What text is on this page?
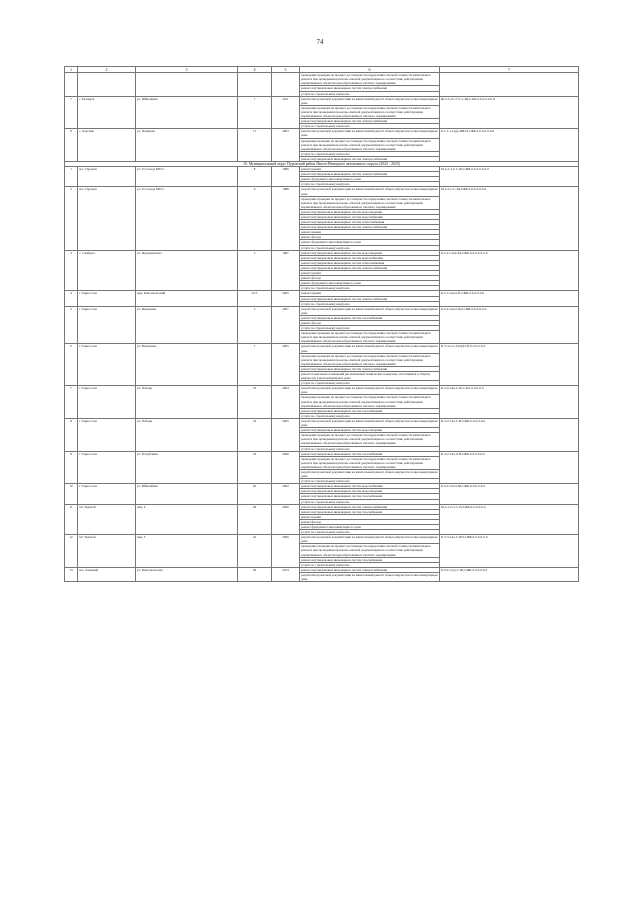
74
1	2	3	4	5	6	7
					проведение проверки на предмет достоверности определения сметной стоимости капитального ремонта при проведении проектно-сметной документации на соответствие действующим нормативным и объектам ценообразования и сметного нормирования	
					ремонт внутридомовых инженерных систем электроснабжения	
					услуги по строительному контролю	
7	с. Белоярск	ул. Юбилейная	7	2011	разработка проектной документации на капитальный ремонт общего имущества в многоквартирном доме	Ш-5-3-1Сст+1-С-Щ-С-КБ-0-0-0-0-0-0-8
					проведение проверки на предмет достоверности определения сметной стоимости капитального ремонта при проведении проектно-сметной документации на соответствие действующим нормативным и объектам ценообразования и сметного нормирования	
					ремонт внутридомовых инженерных систем электроснабжения	
					услуги по строительному контролю	
8	с. Харсаим	ул. Полярная	17	2003	разработка проектной документации на капитальный ремонт общего имущества в многоквартирном доме	Б-1-1-1-Сдер-ПН-Н-СЖБ-0-0-0-0-0-0-0
					проведение проверки на предмет достоверности определения сметной стоимости капитального ремонта при проведении проектно-сметной документации на соответствие действующим нормативным и объектам ценообразования и сметного нормирования	
					услуги по строительному контролю	
					ремонт внутридомовых инженерных систем электроснабжения	
10. Муниципальный округ Пуровский район Ямало-Ненецкого автономного округа (2023 - 2025)						
1	пос. Пуровск	ул. 25 Съезда КПСС	8	1986	ремонт крыши	М-2-2-3-С-С-Щ-СЖБ-0-0-0-0-0-0-0
					ремонт внутридомовых инженерных систем электроснабжения	
					ремонт фундамента многоквартирного дома	
					услуги по строительному контролю	
2	пос. Пуровск	ул. 25 Съезда КПСС	9	1988	разработка проектной документации на капитальный ремонт общего имущества в многоквартирном доме	М-2-2-С-С-Щ-СЖБ-0-0-0-0-0-0-0
					проведение проверки на предмет достоверности определения сметной стоимости капитального ремонта при проведении проектно-сметной документации на соответствие действующим нормативным и объектам ценообразования и сметного нормирования	
					ремонт внутридомовых инженерных систем водоотведения	
					ремонт внутридомовых инженерных систем водоснабжения	
					ремонт внутридомовых инженерных систем теплоснабжения	
					ремонт внутридомовых инженерных систем электроснабжения	
					ремонт крыши	
					ремонт фасада	
					ремонт фундамента многоквартирного дома	
					услуги по строительному контролю	
3	с. Самбурга	ул. Журавлевского	5	1987	ремонт внутридомовых инженерных систем водоотведения	Б-2-2-С-Щ-ЛД-СЖБ-0-0-0-0-0-0-0
					ремонт внутридомовых инженерных систем водоснабжения	
					ремонт внутридомовых инженерных систем теплоснабжения	
					ремонт внутридомовых инженерных систем электроснабжения	
					ремонт крыши	
					ремонт фасада	
					ремонт фундамента многоквартирного дома	
					услуги по строительному контролю	
4	г. Тарко-Сале	мкр. Комсомольский	22/3	2005	ремонт крыши	Б-3-1-Свч-0-П-СЖБ-0-0-0-0-0-0
					ремонт внутридомовых инженерных систем электроснабжения	
					услуги по строительному контролю	
5	г. Тарко-Сале	ул. Мезенцева	5	2007	разработка проектной документации на капитальный ремонт общего имущества в многоквартирном доме	Б-4-2-Свч-0-ПД-СЖБ-0-0-0-0-0-0
					ремонт внутридомовых инженерных систем газоснабжения	
					ремонт фасада	
					услуги по строительному контролю	
					проведение проверки на предмет достоверности определения сметной стоимости капитального ремонта при проведении проектно-сметной документации на соответствие действующим нормативным и объектам ценообразования и сметного нормирования	
6	г. Тарко-Сале	ул. Мезенцева	7	2005	разработка проектной документации на капитальный ремонт общего имущества в многоквартирном доме	П-5-4-Сст-0-ЩД-СП-0-0-0-0-0-0
					проведение проверки на предмет достоверности определения сметной стоимости капитального ремонта при проведении проектно-сметной документации на соответствие действующим нормативным и объектам ценообразования и сметного нормирования	
					ремонт внутридомовых инженерных систем электроснабжения	
					ремонт подвальных помещений (коллективной технических подвалов), относящихся к общему имуществу в многоквартирном доме	
					услуги по строительному контролю	
7	г. Тарко-Сале	ул. Победы	32	2004	разработка проектной документации на капитальный ремонт общего имущества в многоквартирном доме	П-2-0-Скв-С-Н-С-Б-0-0-0-0-0-0
					проведение проверки на предмет достоверности определения сметной стоимости капитального ремонта при проведении проектно-сметной документации на соответствие действующим нормативным и объектам ценообразования и сметного нормирования	
					ремонт внутридомовых инженерных систем газоснабжения	
					услуги по строительному контролю	
8	г. Тарко-Сале	ул. Победы	34	2005	разработка проектной документации на капитальный ремонт общего имущества в многоквартирном доме	П-3-2-Свч-С-Н-СЖБ-0-0-0-0-0-0
					ремонт внутридомовых инженерных систем водоотведения	
					проведение проверки на предмет достоверности определения сметной стоимости капитального ремонта при проведении проектно-сметной документации на соответствие действующим нормативным и объектам ценообразования и сметного нормирования	
					услуги по строительному контролю	
9	г. Тарко-Сале	ул. Республики	33	2006	ремонт внутридомовых инженерных систем газоснабжения	П-3-2-Свл-0-Н-СЖБ-0-0-0-0-0-0
					проведение проверки на предмет достоверности определения сметной стоимости капитального ремонта при проведении проектно-сметной документации на соответствие действующим нормативным и объектам ценообразования и сметного нормирования	
					разработка проектной документации на капитальный ремонт общего имущества в многоквартирном доме	
					услуги по строительному контролю	
10	г. Тарко-Сале	ул. Юбилейная	20	2002	ремонт внутридомовых инженерных систем водоснабжения	Б-4-2-Свч-0-Щ-СЖБ-0-0-0-0-0-0
					ремонт внутридомовых инженерных систем водоотведения	
					ремонт внутридомовых инженерных систем газоснабжения	
					услуги по строительному контролю	
11	пгт Уренгой	мкр. 4	28	2006	ремонт внутридомовых инженерных систем электроснабжения	М-3-1-Сст-С-Н-СЖБ-0-0-0-0-0-0
					ремонт внутридомовых инженерных систем газоснабжения	
					ремонт крыши	
					ремонт фасада	
					ремонт фундамента многоквартирного дома	
					услуги по строительному контролю	
12	пгт Уренгой	мкр. 5	22	2006	разработка проектной документации на капитальный ремонт общего имущества в многоквартирном доме	П-3-3-Свч-С-ПП-СЖБ-0-0-0-0-0-0
					проведение проверки на предмет достоверности определения сметной стоимости капитального ремонта при проведении проектно-сметной документации на соответствие действующим нормативным и объектам ценообразования и сметного нормирования	
					ремонт внутридомовых инженерных систем газоснабжения	
					услуги по строительному контролю	
13	пос. Ханымей	ул. Комсомольская	28	2014	ремонт внутридомовых инженерных систем электроснабжения	Б-3-2-Сдсу-С-Щ-СЖБ-0-0-0-0-0-0
					разработка проектной документации на капитальный ремонт общего имущества в многоквартирном доме	
